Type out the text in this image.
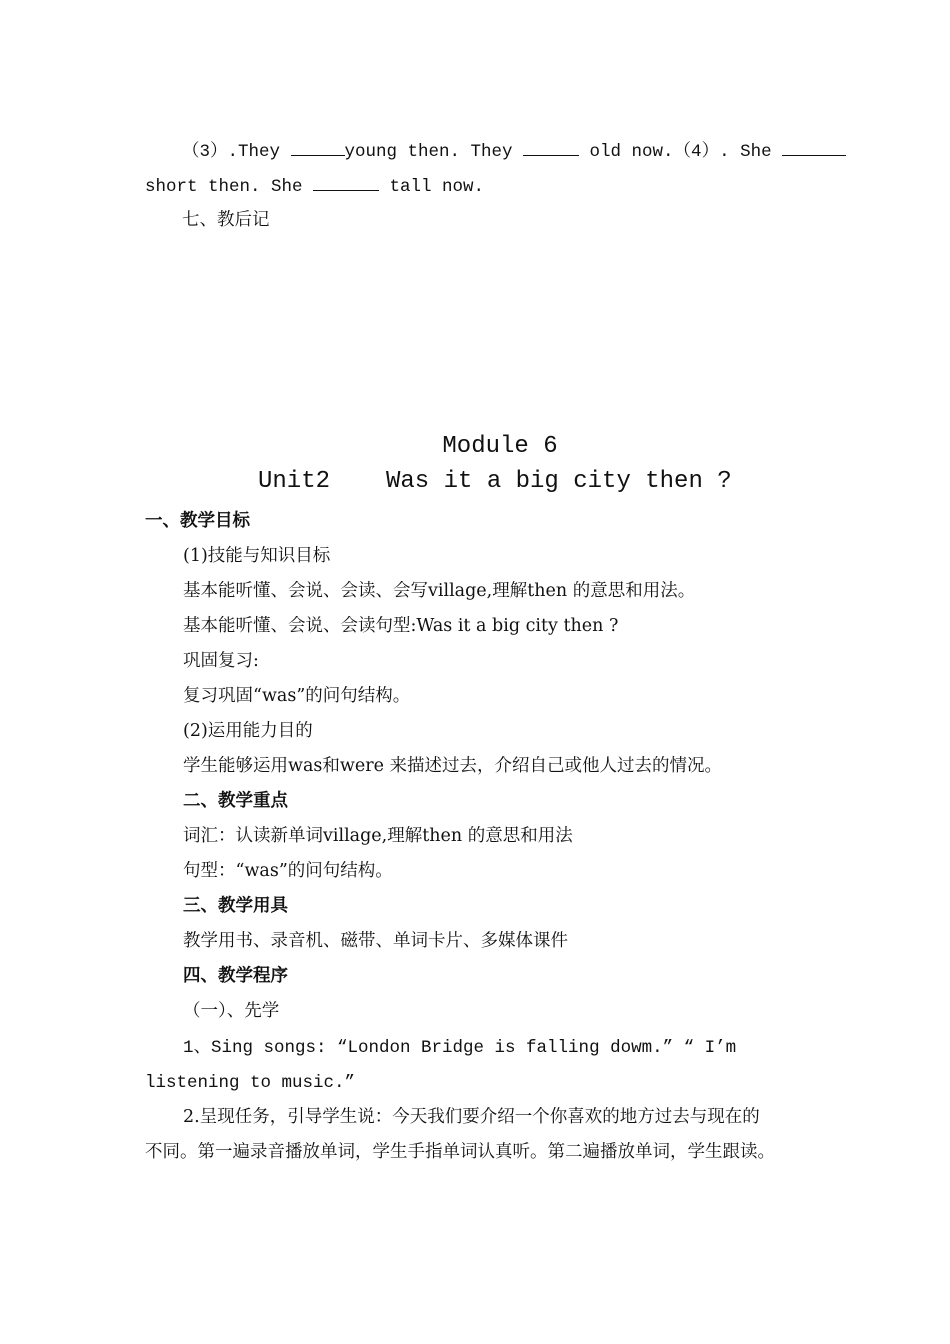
（3）.They	young then. They	old now.（4）. She
short then. She	tall now.
七、教后记
Module 6
Unit2 Was it a big city then ?
一、教学目标
(1)技能与知识目标
基本能听懂、会说、会读、会写village,理解then 的意思和用法。
基本能听懂、会说、会读句型:Was it a big city then ?
巩固复习:
复习巩固“was”的问句结构。
(2)运用能力目的
学生能够运用was和were 来描述过去，介绍自己或他人过去的情况。
二、教学重点
词汇：认读新单词village,理解then 的意思和用法
句型：“was”的问句结构。
三、教学用具
教学用书、录音机、磁带、单词卡片、多媒体课件
四、教学程序
（一）、先学
1、Sing songs: “London Bridge is falling dowm.” “ I’m
listening to music.”
2.呈现任务，引导学生说：今天我们要介绍一个你喜欢的地方过去与现在的
不同。第一遍录音播放单词，学生手指单词认真听。第二遍播放单词，学生跟读。
